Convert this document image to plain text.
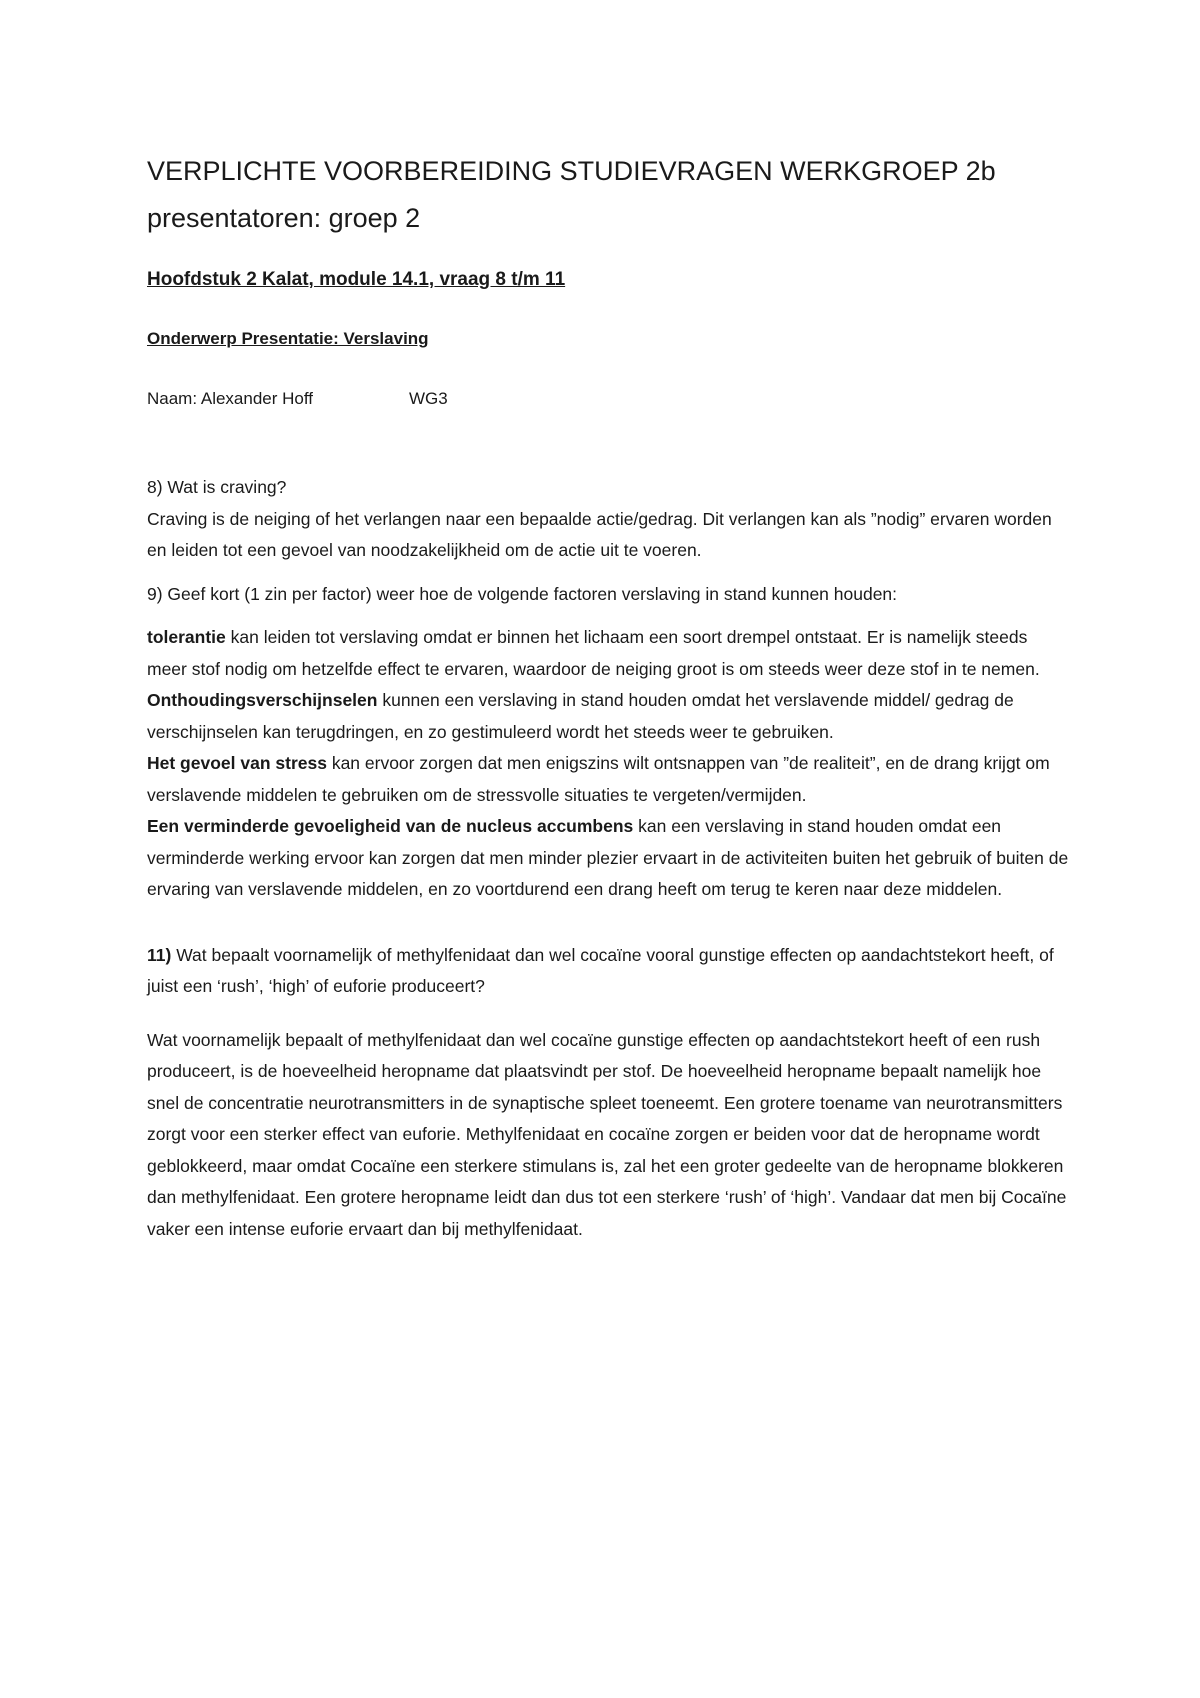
VERPLICHTE VOORBEREIDING STUDIEVRAGEN WERKGROEP 2b
presentatoren: groep 2
Hoofdstuk 2 Kalat, module 14.1, vraag 8 t/m 11
Onderwerp Presentatie: Verslaving
Naam: Alexander Hoff	WG3

8) Wat is craving?

Craving is de neiging of het verlangen naar een bepaalde actie/gedrag. Dit verlangen kan als ”nodig” ervaren worden en leiden tot een gevoel van noodzakelijkheid om de actie uit te voeren.

9) Geef kort (1 zin per factor) weer hoe de volgende factoren verslaving in stand kunnen houden:

tolerantie kan leiden tot verslaving omdat er binnen het lichaam een soort drempel ontstaat. Er is namelijk steeds meer stof nodig om hetzelfde effect te ervaren, waardoor de neiging groot is om steeds weer deze stof in te nemen.

Onthoudingsverschijnselen kunnen een verslaving in stand houden omdat het verslavende middel/ gedrag de verschijnselen kan terugdringen, en zo gestimuleerd wordt het steeds weer te gebruiken.

Het gevoel van stress kan ervoor zorgen dat men enigszins wilt ontsnappen van ”de realiteit”, en de drang krijgt om verslavende middelen te gebruiken om de stressvolle situaties te vergeten/vermijden.

Een verminderde gevoeligheid van de nucleus accumbens kan een verslaving in stand houden omdat een verminderde werking ervoor kan zorgen dat men minder plezier ervaart in de activiteiten buiten het gebruik of buiten de ervaring van verslavende middelen, en zo voortdurend een drang heeft om terug te keren naar deze middelen.

11) Wat bepaalt voornamelijk of methylfenidaat dan wel cocaïne vooral gunstige effecten op aandachtstekort heeft, of juist een ‘rush’, ‘high’ of euforie produceert?

Wat voornamelijk bepaalt of methylfenidaat dan wel cocaïne gunstige effecten op aandachtstekort heeft of een rush produceert, is de hoeveelheid heropname dat plaatsvindt per stof. De hoeveelheid heropname bepaalt namelijk hoe snel de concentratie neurotransmitters in de synaptische spleet toeneemt. Een grotere toename van neurotransmitters zorgt voor een sterker effect van euforie. Methylfenidaat en cocaïne zorgen er beiden voor dat de heropname wordt geblokkeerd, maar omdat Cocaïne een sterkere stimulans is, zal het een groter gedeelte van de heropname blokkeren dan methylfenidaat. Een grotere heropname leidt dan dus tot een sterkere ‘rush’ of ‘high’. Vandaar dat men bij Cocaïne vaker een intense euforie ervaart dan bij methylfenidaat.
